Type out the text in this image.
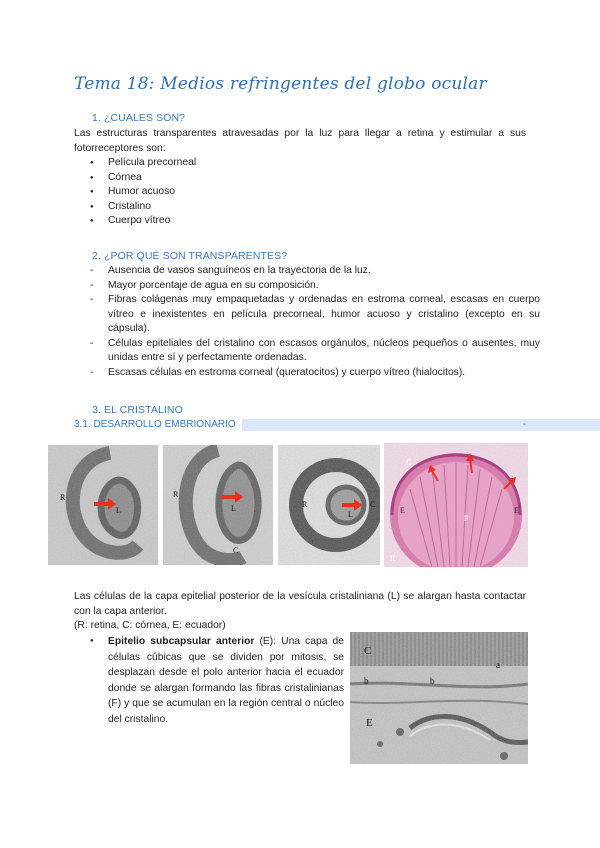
Tema 18: Medios refringentes del globo ocular
1. ¿CUALES SON?
Las estructuras transparentes atravesadas por la luz para llegar a retina y estimular a sus fotorreceptores son:
● Película precorneal
● Córnea
● Humor acuoso
● Cristalino
● Cuerpo vítreo
2. ¿POR QUÉ SON TRANSPARENTES?
- Ausencia de vasos sanguíneos en la trayectoria de la luz.
- Mayor porcentaje de agua en su composición.
- Fibras colágenas muy empaquetadas y ordenadas en estroma corneal, escasas en cuerpo vítreo e inexistentes en película precorneal, humor acuoso y cristalino (excepto en su cápsula).
- Células epiteliales del cristalino con escasos orgánulos, núcleos pequeños o ausentes, muy unidas entre sí y perfectamente ordenadas.
- Escasas células en estroma corneal (queratocitos) y cuerpo vítreo (hialocitos).
3. EL CRISTALINO
3.1. DESARROLLO EMBRIONARIO	-
R
L
R
L
C
R
L
C
C
E	E
F
R
Las células de la capa epitelial posterior de la vesícula cristaliniana (L) se alargan hasta contactar con la capa anterior.
(R: retina, C: córnea, E: ecuador)
● Epitelio subcapsular anterior (E): Una capa de células cúbicas que se dividen por mitosis, se desplazan desde el polo anterior hacia el ecuador donde se alargan formando las fibras cristalinianas (F) y que se acumulan en la región central o núcleo del cristalino.
C
b	b
a
E
